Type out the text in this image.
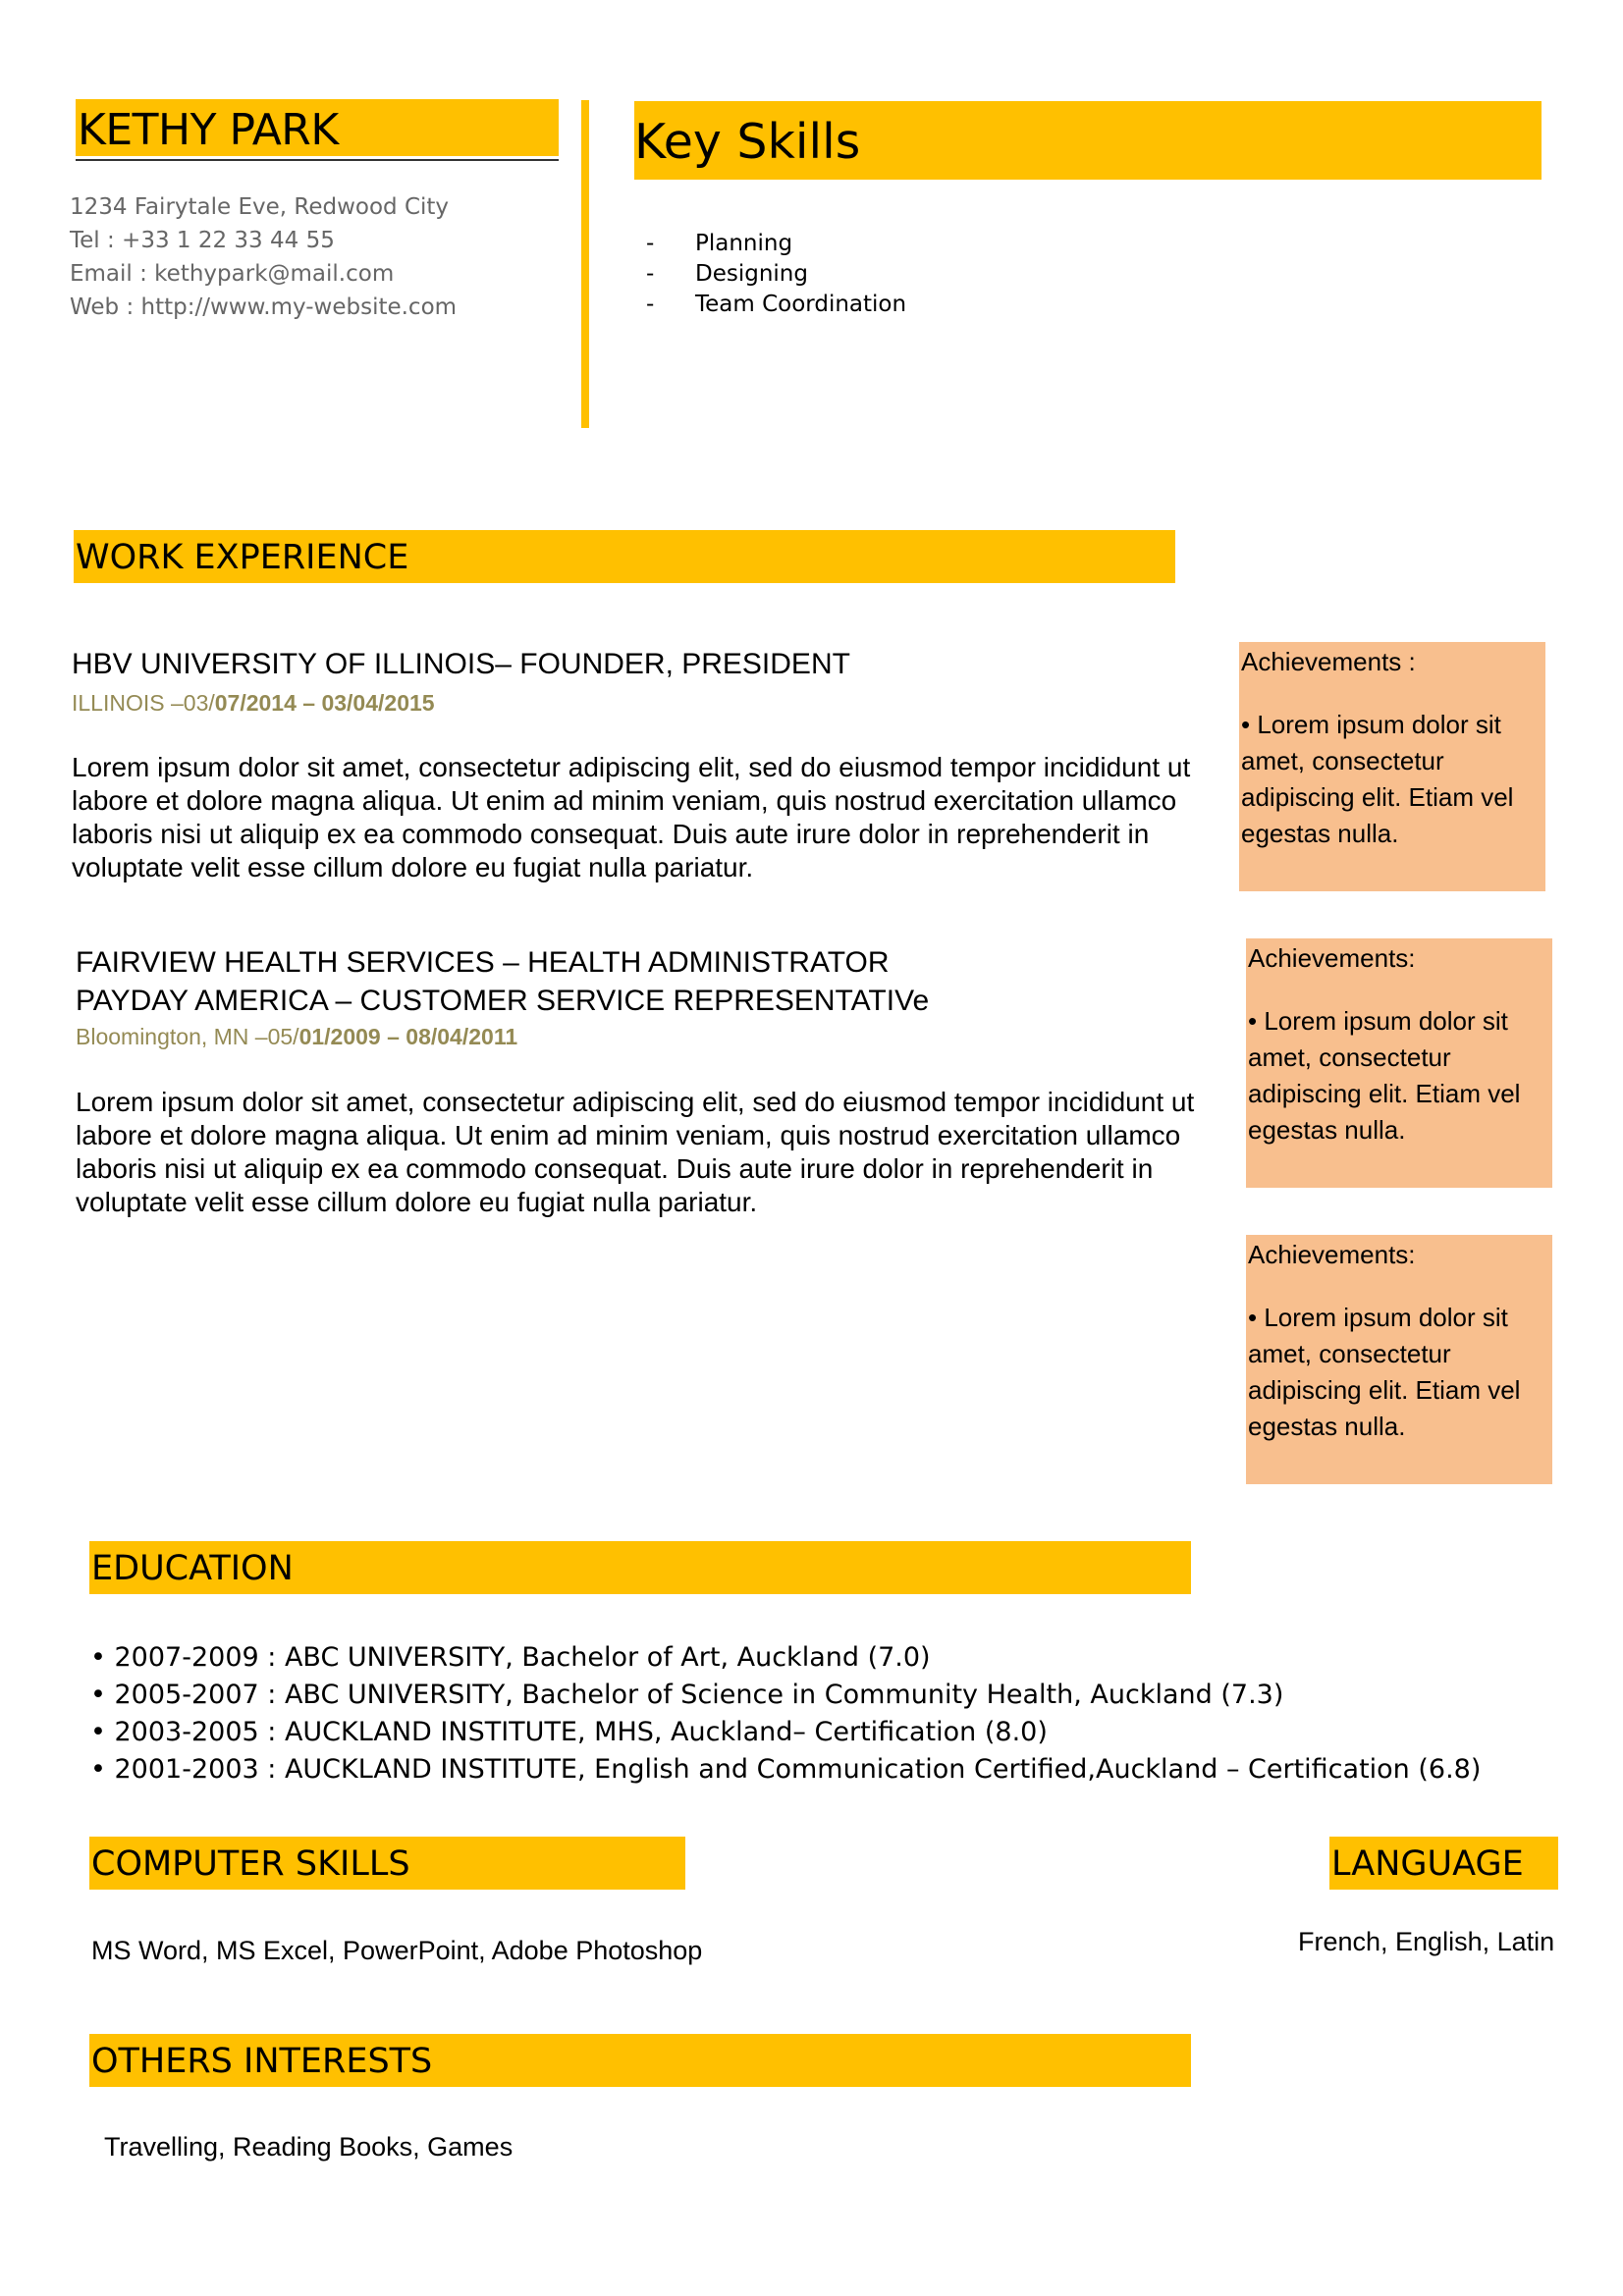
KETHY PARK
1234 Fairytale Eve, Redwood City
Tel : +33 1 22 33 44 55
Email : kethypark@mail.com
Web : http://www.my-website.com
Key Skills
- Planning
- Designing
- Team Coordination
WORK EXPERIENCE
HBV UNIVERSITY OF ILLINOIS– FOUNDER, PRESIDENT
ILLINOIS –03/07/2014 – 03/04/2015
Lorem ipsum dolor sit amet, consectetur adipiscing elit, sed do eiusmod tempor incididunt ut labore et dolore magna aliqua. Ut enim ad minim veniam, quis nostrud exercitation ullamco laboris nisi ut aliquip ex ea commodo consequat. Duis aute irure dolor in reprehenderit in voluptate velit esse cillum dolore eu fugiat nulla pariatur.
FAIRVIEW HEALTH SERVICES – HEALTH ADMINISTRATOR
PAYDAY AMERICA – CUSTOMER SERVICE REPRESENTATIVe
Bloomington, MN –05/01/2009 – 08/04/2011
Lorem ipsum dolor sit amet, consectetur adipiscing elit, sed do eiusmod tempor incididunt ut labore et dolore magna aliqua. Ut enim ad minim veniam, quis nostrud exercitation ullamco laboris nisi ut aliquip ex ea commodo consequat. Duis aute irure dolor in reprehenderit in voluptate velit esse cillum dolore eu fugiat nulla pariatur.
Achievements :
• Lorem ipsum dolor sit amet, consectetur adipiscing elit. Etiam vel egestas nulla.
Achievements:
• Lorem ipsum dolor sit amet, consectetur adipiscing elit. Etiam vel egestas nulla.
Achievements:
• Lorem ipsum dolor sit amet, consectetur adipiscing elit. Etiam vel egestas nulla.
EDUCATION
• 2007-2009 : ABC UNIVERSITY, Bachelor of Art, Auckland (7.0)
• 2005-2007 : ABC UNIVERSITY, Bachelor of Science in Community Health, Auckland (7.3)
• 2003-2005 : AUCKLAND INSTITUTE, MHS, Auckland– Certification (8.0)
• 2001-2003 : AUCKLAND INSTITUTE, English and Communication Certified,Auckland – Certification (6.8)
COMPUTER SKILLS
MS Word, MS Excel, PowerPoint, Adobe Photoshop
LANGUAGE
French, English, Latin
OTHERS INTERESTS
Travelling, Reading Books, Games
